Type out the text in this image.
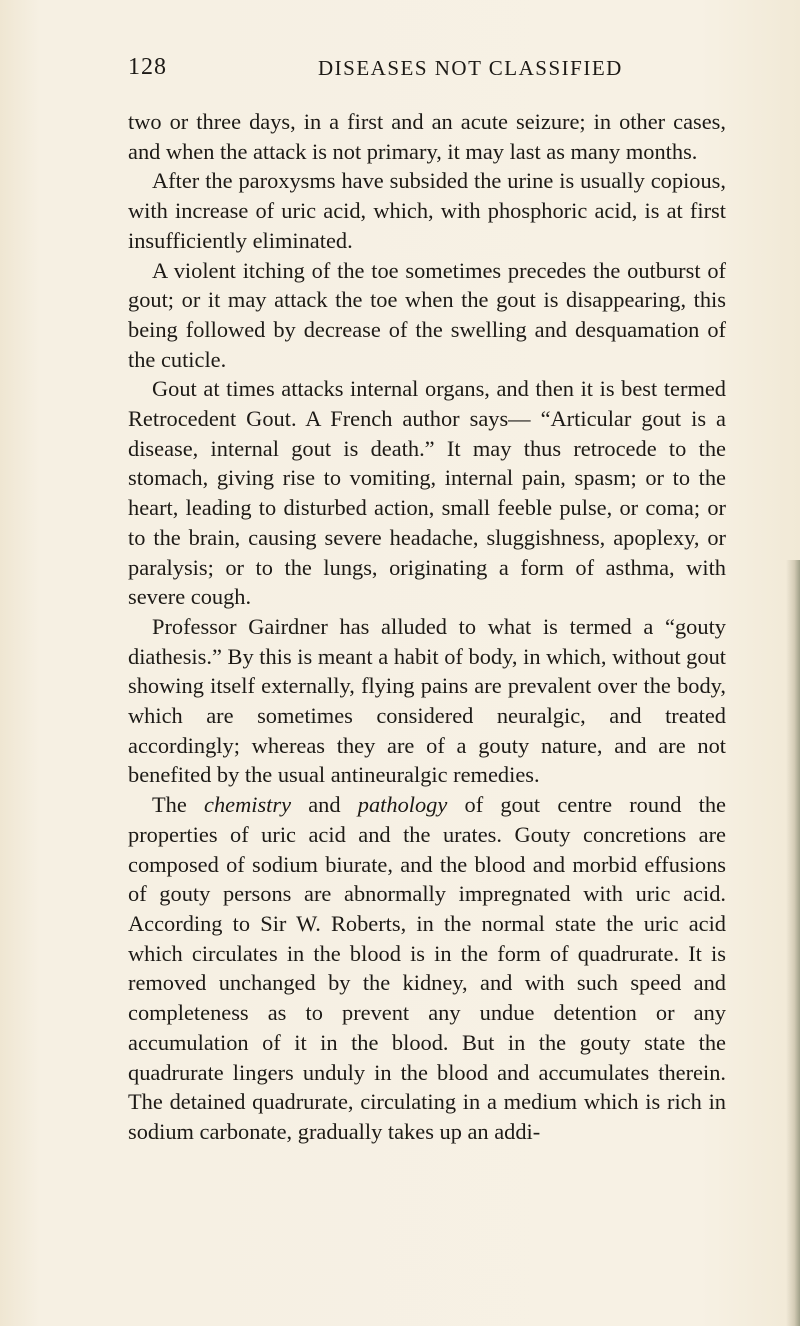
128	DISEASES NOT CLASSIFIED

two or three days, in a first and an acute seizure; in other cases, and when the attack is not primary, it may last as many months.

After the paroxysms have subsided the urine is usually copious, with increase of uric acid, which, with phosphoric acid, is at first insufficiently eliminated.

A violent itching of the toe sometimes precedes the outburst of gout; or it may attack the toe when the gout is disappearing, this being followed by decrease of the swelling and desquamation of the cuticle.

Gout at times attacks internal organs, and then it is best termed Retrocedent Gout. A French author says— “Articular gout is a disease, internal gout is death.” It may thus retrocede to the stomach, giving rise to vomiting, internal pain, spasm; or to the heart, leading to disturbed action, small feeble pulse, or coma; or to the brain, causing severe headache, sluggishness, apoplexy, or paralysis; or to the lungs, originating a form of asthma, with severe cough.

Professor Gairdner has alluded to what is termed a “gouty diathesis.” By this is meant a habit of body, in which, without gout showing itself externally, flying pains are prevalent over the body, which are sometimes considered neuralgic, and treated accordingly; whereas they are of a gouty nature, and are not benefited by the usual antineuralgic remedies.

The chemistry and pathology of gout centre round the properties of uric acid and the urates. Gouty concretions are composed of sodium biurate, and the blood and morbid effusions of gouty persons are abnormally impregnated with uric acid. According to Sir W. Roberts, in the normal state the uric acid which circulates in the blood is in the form of quadrurate. It is removed unchanged by the kidney, and with such speed and completeness as to prevent any undue detention or any accumulation of it in the blood. But in the gouty state the quadrurate lingers unduly in the blood and accumulates therein. The detained quadrurate, circulating in a medium which is rich in sodium carbonate, gradually takes up an addi-
